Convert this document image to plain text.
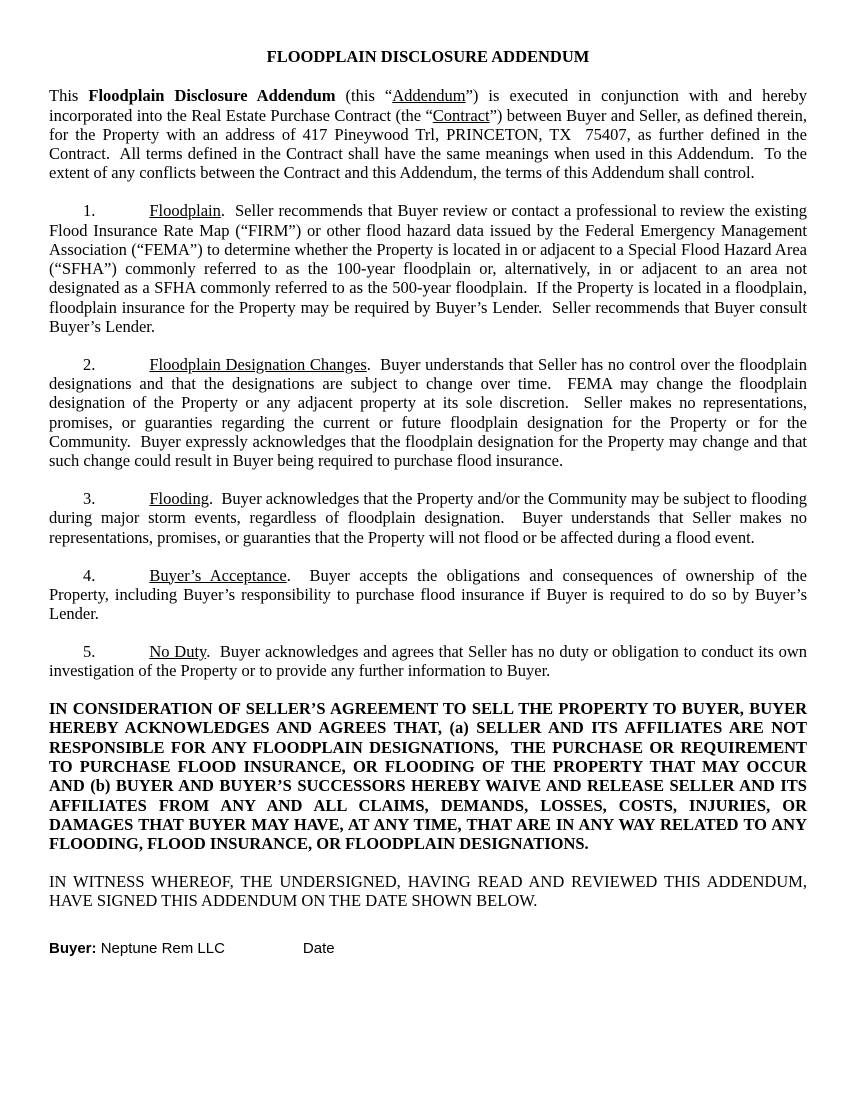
FLOODPLAIN DISCLOSURE ADDENDUM

This Floodplain Disclosure Addendum (this “Addendum”) is executed in conjunction with and hereby incorporated into the Real Estate Purchase Contract (the “Contract”) between Buyer and Seller, as defined therein, for the Property with an address of 417 Pineywood Trl, PRINCETON, TX  75407, as further defined in the Contract.  All terms defined in the Contract shall have the same meanings when used in this Addendum.  To the extent of any conflicts between the Contract and this Addendum, the terms of this Addendum shall control.

1.	Floodplain.  Seller recommends that Buyer review or contact a professional to review the existing Flood Insurance Rate Map (“FIRM”) or other flood hazard data issued by the Federal Emergency Management Association (“FEMA”) to determine whether the Property is located in or adjacent to a Special Flood Hazard Area (“SFHA”) commonly referred to as the 100-year floodplain or, alternatively, in or adjacent to an area not designated as a SFHA commonly referred to as the 500-year floodplain.  If the Property is located in a floodplain, floodplain insurance for the Property may be required by Buyer’s Lender.  Seller recommends that Buyer consult Buyer’s Lender.

2.	Floodplain Designation Changes.  Buyer understands that Seller has no control over the floodplain designations and that the designations are subject to change over time.  FEMA may change the floodplain designation of the Property or any adjacent property at its sole discretion.  Seller makes no representations, promises, or guaranties regarding the current or future floodplain designation for the Property or for the Community.  Buyer expressly acknowledges that the floodplain designation for the Property may change and that such change could result in Buyer being required to purchase flood insurance.

3.	Flooding.  Buyer acknowledges that the Property and/or the Community may be subject to flooding during major storm events, regardless of floodplain designation.  Buyer understands that Seller makes no representations, promises, or guaranties that the Property will not flood or be affected during a flood event.

4.	Buyer’s Acceptance.  Buyer accepts the obligations and consequences of ownership of the Property, including Buyer’s responsibility to purchase flood insurance if Buyer is required to do so by Buyer’s Lender.

5.	No Duty.  Buyer acknowledges and agrees that Seller has no duty or obligation to conduct its own investigation of the Property or to provide any further information to Buyer.

IN CONSIDERATION OF SELLER’S AGREEMENT TO SELL THE PROPERTY TO BUYER, BUYER HEREBY ACKNOWLEDGES AND AGREES THAT, (a) SELLER AND ITS AFFILIATES ARE NOT RESPONSIBLE FOR ANY FLOODPLAIN DESIGNATIONS,  THE PURCHASE OR REQUIREMENT TO PURCHASE FLOOD INSURANCE, OR FLOODING OF THE PROPERTY THAT MAY OCCUR AND (b) BUYER AND BUYER’S SUCCESSORS HEREBY WAIVE AND RELEASE SELLER AND ITS AFFILIATES FROM ANY AND ALL CLAIMS, DEMANDS, LOSSES, COSTS, INJURIES, OR DAMAGES THAT BUYER MAY HAVE, AT ANY TIME, THAT ARE IN ANY WAY RELATED TO ANY FLOODING, FLOOD INSURANCE, OR FLOODPLAIN DESIGNATIONS.

IN WITNESS WHEREOF, THE UNDERSIGNED, HAVING READ AND REVIEWED THIS ADDENDUM, HAVE SIGNED THIS ADDENDUM ON THE DATE SHOWN BELOW.

Buyer: Neptune Rem LLC	Date
